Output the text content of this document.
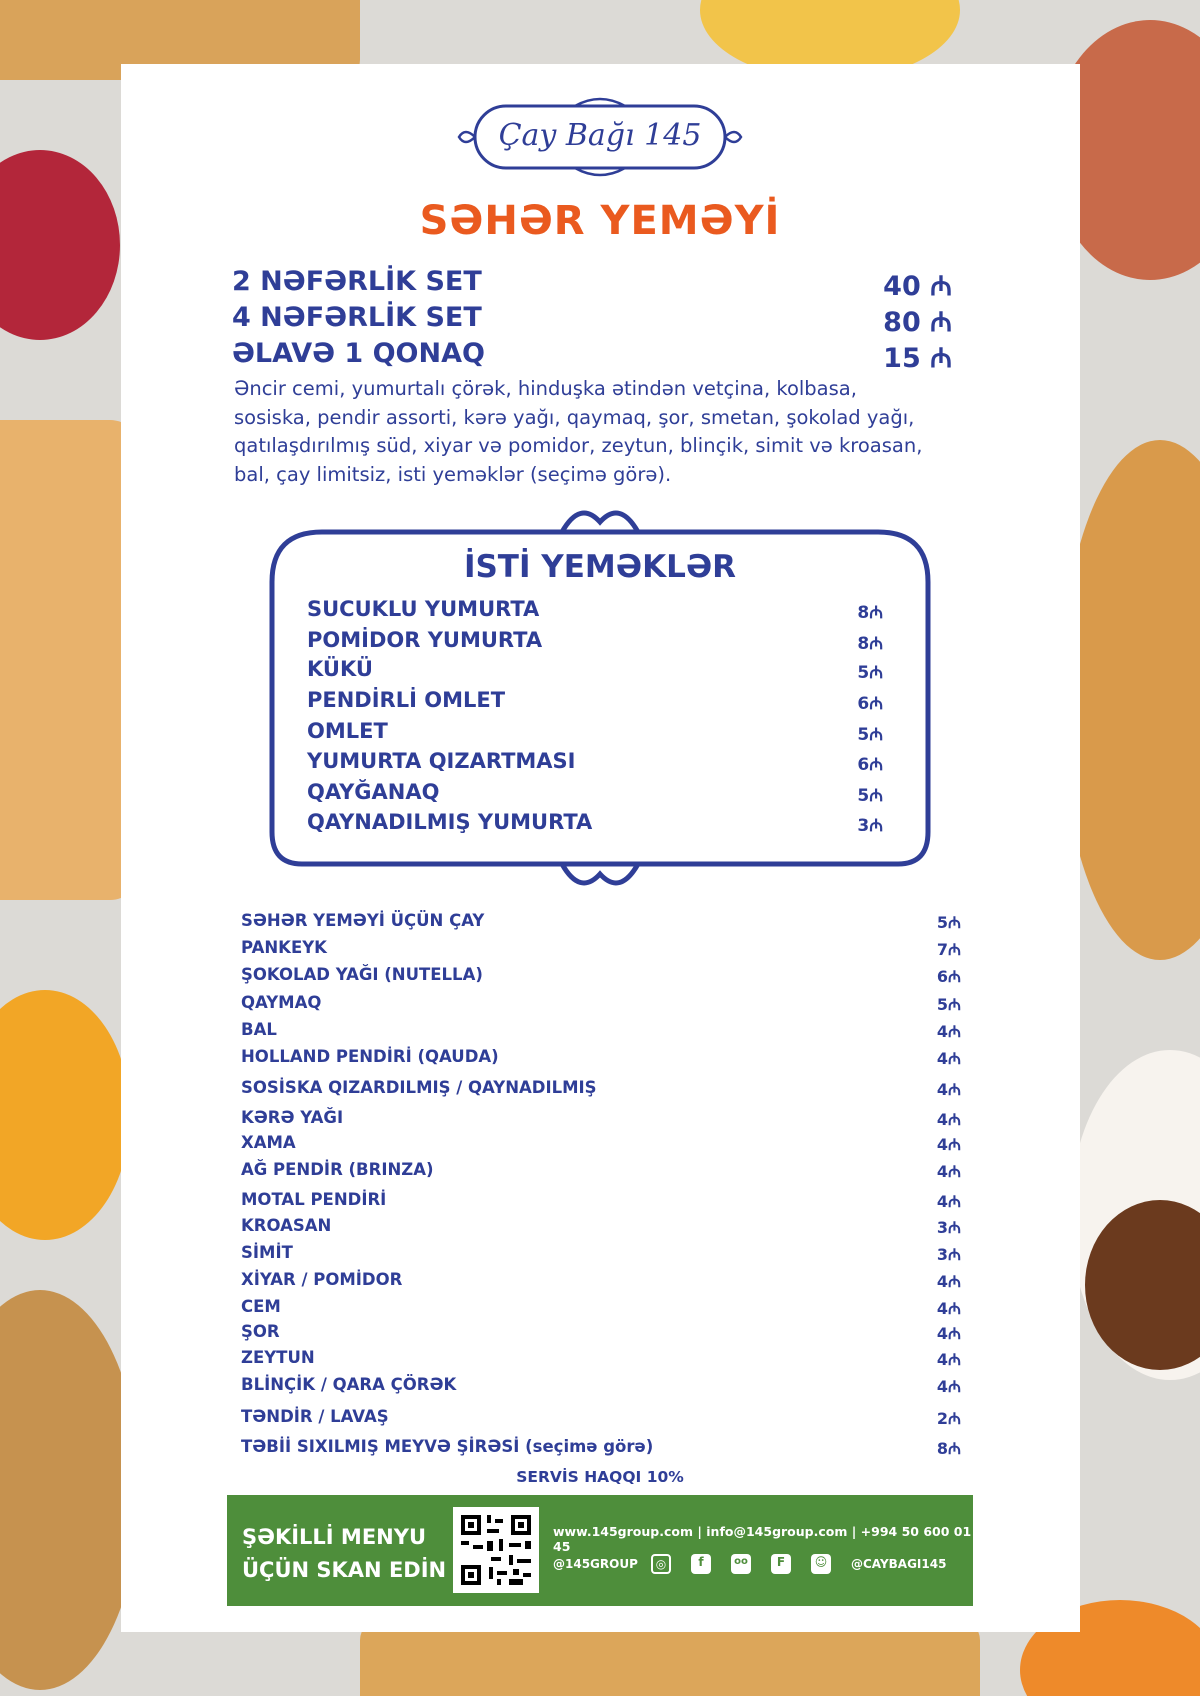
Çay Bağı 145
SƏHƏR YEMƏYİ
2 NƏFƏRLİK SET	40 ₼
4 NƏFƏRLİK SET	80 ₼
ƏLAVƏ 1 QONAQ	15 ₼
Əncir cemi, yumurtalı çörək, hinduşka ətindən vetçina, kolbasa,
sosiska, pendir assorti, kərə yağı, qaymaq, şor, smetan, şokolad yağı,
qatılaşdırılmış süd, xiyar və pomidor, zeytun, blinçik, simit və kroasan,
bal, çay limitsiz, isti yeməklər (seçimə görə).
İSTİ YEMƏKLƏR
SUCUKLU YUMURTA	8₼
POMİDOR YUMURTA	8₼
KÜKÜ	5₼
PENDİRLİ OMLET	6₼
OMLET	5₼
YUMURTA QIZARTMASI	6₼
QAYĞANAQ	5₼
QAYNADILMIŞ YUMURTA	3₼
SƏHƏR YEMƏYİ ÜÇÜN ÇAY	5₼
PANKEYK	7₼
ŞOKOLAD YAĞI (NUTELLA)	6₼
QAYMAQ	5₼
BAL	4₼
HOLLAND PENDİRİ (QAUDA)	4₼
SOSİSKA QIZARDILMIŞ / QAYNADILMIŞ	4₼
KƏRƏ YAĞI	4₼
XAMA	4₼
AĞ PENDİR (BRINZA)	4₼
MOTAL PENDİRİ	4₼
KROASAN	3₼
SİMİT	3₼
XİYAR / POMİDOR	4₼
CEM	4₼
ŞOR	4₼
ZEYTUN	4₼
BLİNÇİK / QARA ÇÖRƏK	4₼
TƏNDİR / LAVAŞ	2₼
TƏBİİ SIXILMIŞ MEYVƏ ŞİRƏSİ (seçimə görə)	8₼
SERVİS HAQQI 10%
ŞƏKİLLİ MENYU
ÜÇÜN SKAN EDİN
www.145group.com | info@145group.com | +994 50 600 01 45
@145GROUP	◎	f	oo	F	☺	@CAYBAGI145
